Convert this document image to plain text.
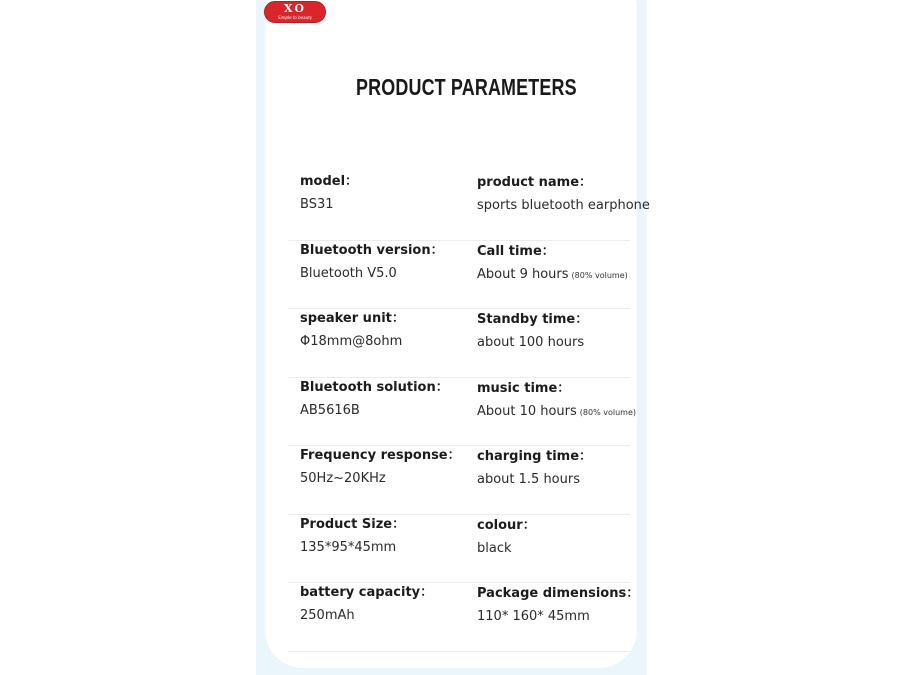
XO
Simple to beauty
PRODUCT PARAMETERS
model：
BS31
product name：
sports bluetooth earphone
Bluetooth version：
Bluetooth V5.0
Call time：
About 9 hours (80% volume)
speaker unit：
Φ18mm@8ohm
Standby time：
about 100 hours
Bluetooth solution：
AB5616B
music time：
About 10 hours (80% volume)
Frequency response：
50Hz~20KHz
charging time：
about 1.5 hours
Product Size：
135*95*45mm
colour：
black
battery capacity：
250mAh
Package dimensions：
110* 160* 45mm
